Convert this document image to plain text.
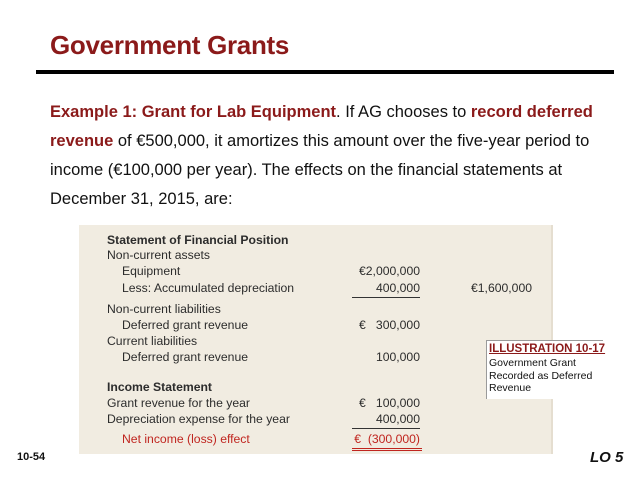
Government Grants
Example 1: Grant for Lab Equipment. If AG chooses to record deferred revenue of €500,000, it amortizes this amount over the five-year period to income (€100,000 per year). The effects on the financial statements at December 31, 2015, are:
Statement of Financial Position
Non-current assets
Equipment	€2,000,000
Less: Accumulated depreciation	400,000	€1,600,000
Non-current liabilities
Deferred grant revenue	€   300,000
Current liabilities
Deferred grant revenue	100,000
Income Statement
Grant revenue for the year	€   100,000
Depreciation expense for the year	400,000
Net income (loss) effect	€  (300,000)
ILLUSTRATION 10-17
Government Grant Recorded as Deferred Revenue
10-54	LO 5
